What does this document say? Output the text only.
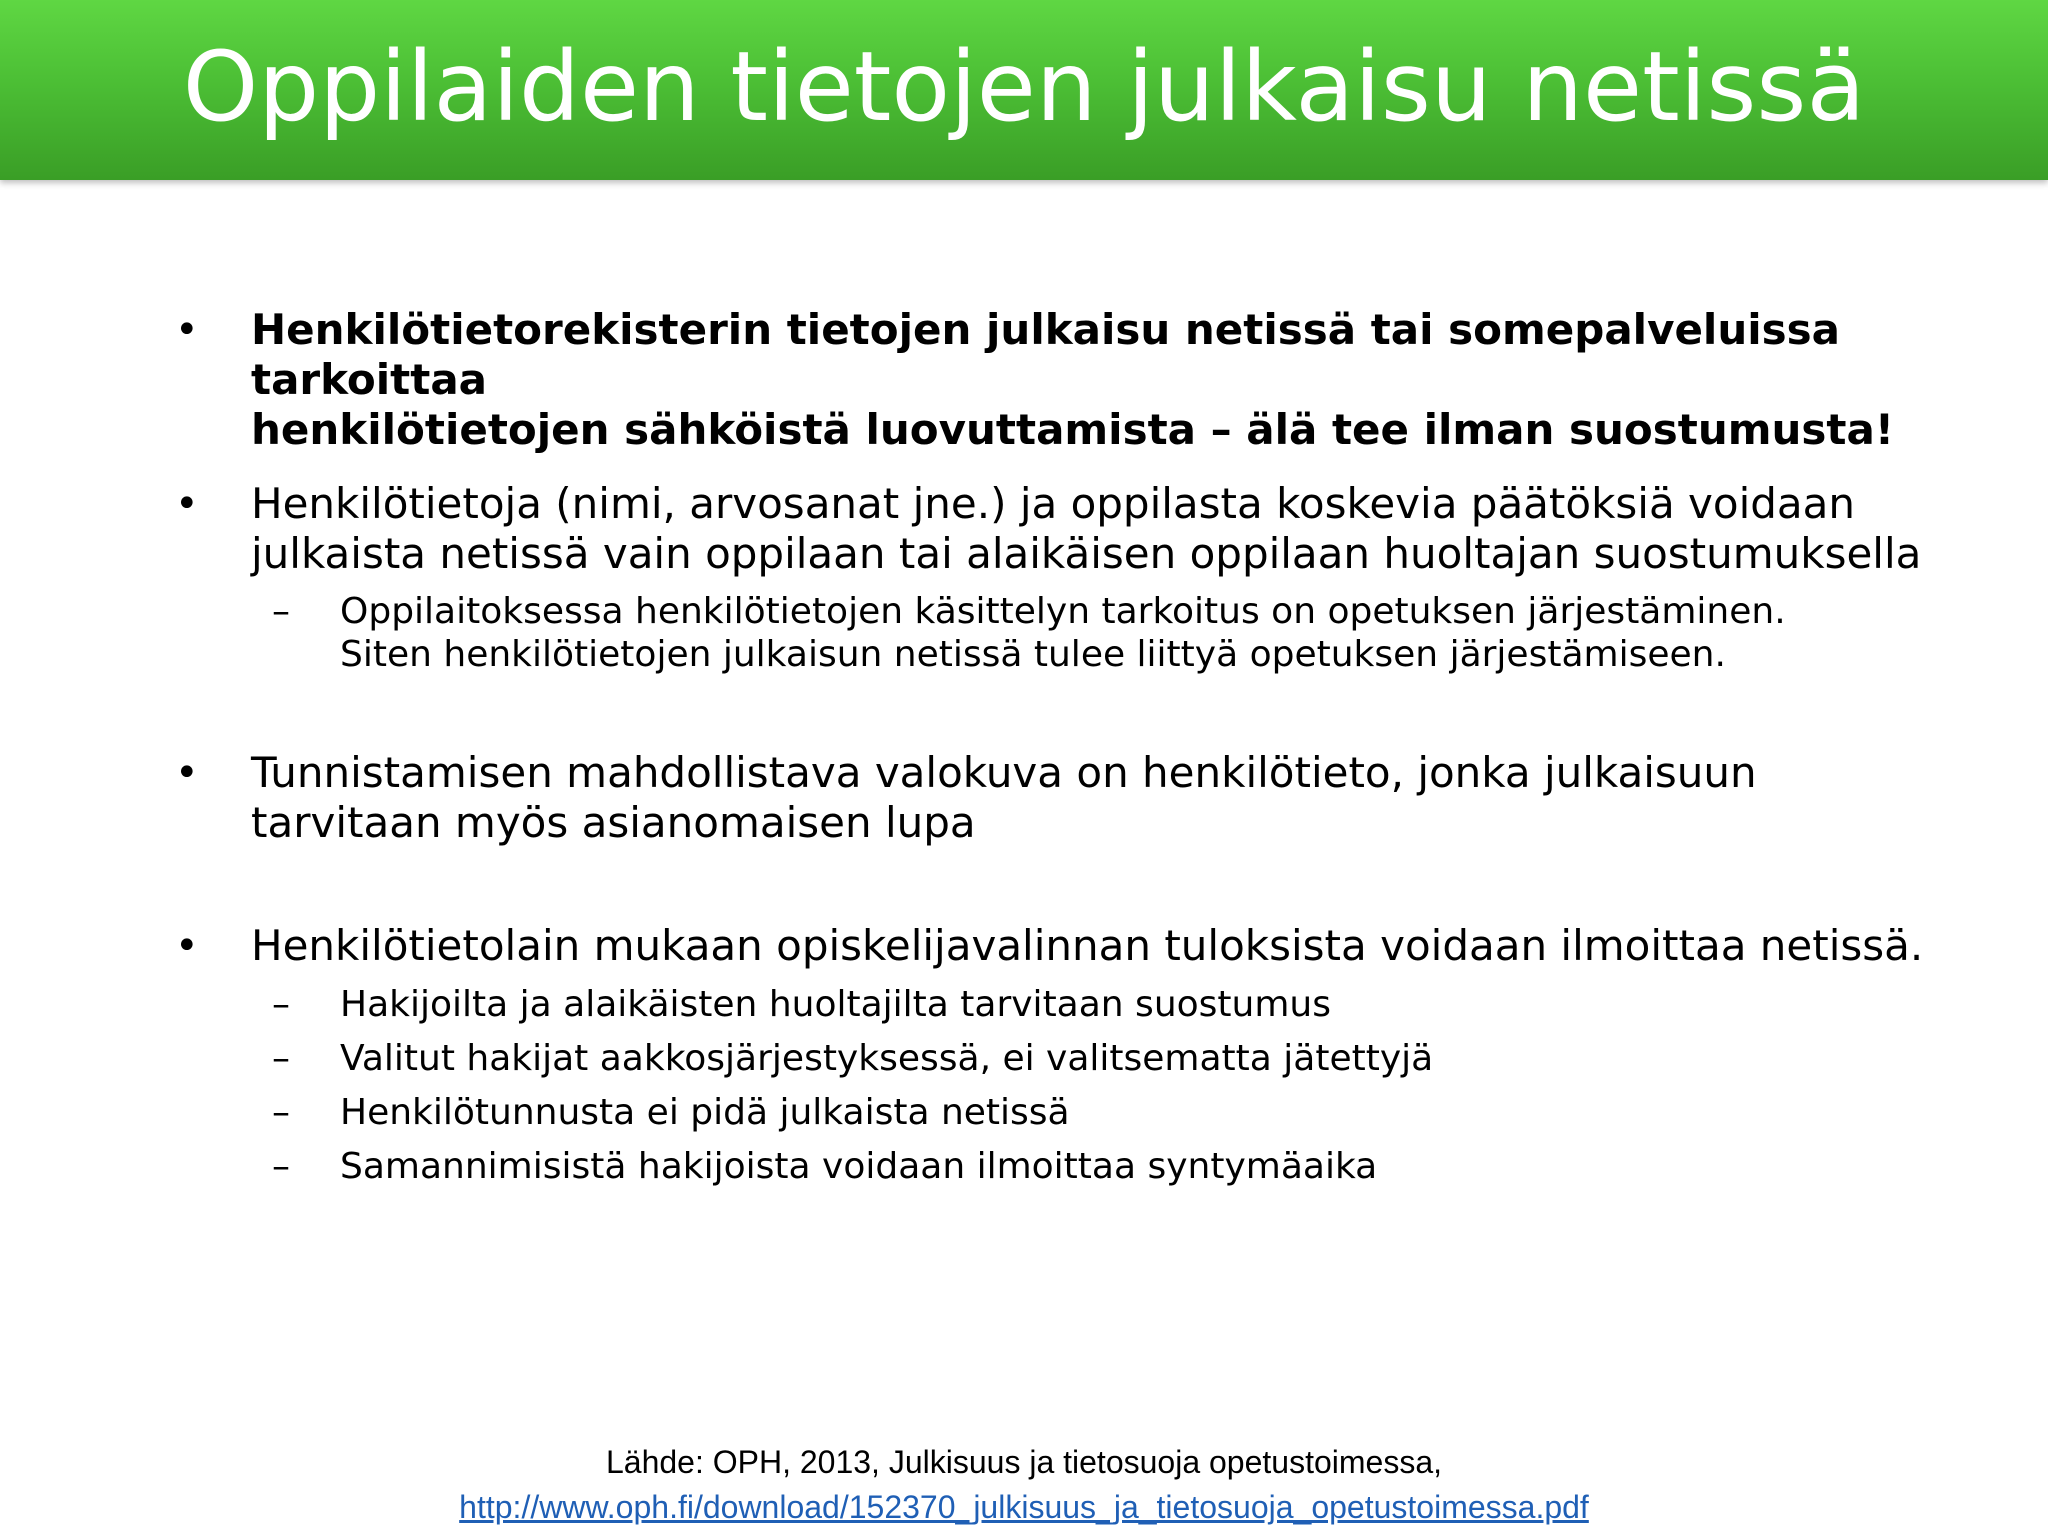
Oppilaiden tietojen julkaisu netissä
•	Henkilötietorekisterin tietojen julkaisu netissä tai somepalveluissa tarkoittaa
henkilötietojen sähköistä luovuttamista – älä tee ilman suostumusta!
•	Henkilötietoja (nimi, arvosanat jne.) ja oppilasta koskevia päätöksiä voidaan
julkaista netissä vain oppilaan tai alaikäisen oppilaan huoltajan suostumuksella
–	Oppilaitoksessa henkilötietojen käsittelyn tarkoitus on opetuksen järjestäminen.
Siten henkilötietojen julkaisun netissä tulee liittyä opetuksen järjestämiseen.
•	Tunnistamisen mahdollistava valokuva on henkilötieto, jonka julkaisuun
tarvitaan myös asianomaisen lupa
•	Henkilötietolain mukaan opiskelijavalinnan tuloksista voidaan ilmoittaa netissä.
–	Hakijoilta ja alaikäisten huoltajilta tarvitaan suostumus
–	Valitut hakijat aakkosjärjestyksessä, ei valitsematta jätettyjä
–	Henkilötunnusta ei pidä julkaista netissä
–	Samannimisistä hakijoista voidaan ilmoittaa syntymäaika
Lähde: OPH, 2013, Julkisuus ja tietosuoja opetustoimessa,
http://www.oph.fi/download/152370_julkisuus_ja_tietosuoja_opetustoimessa.pdf
